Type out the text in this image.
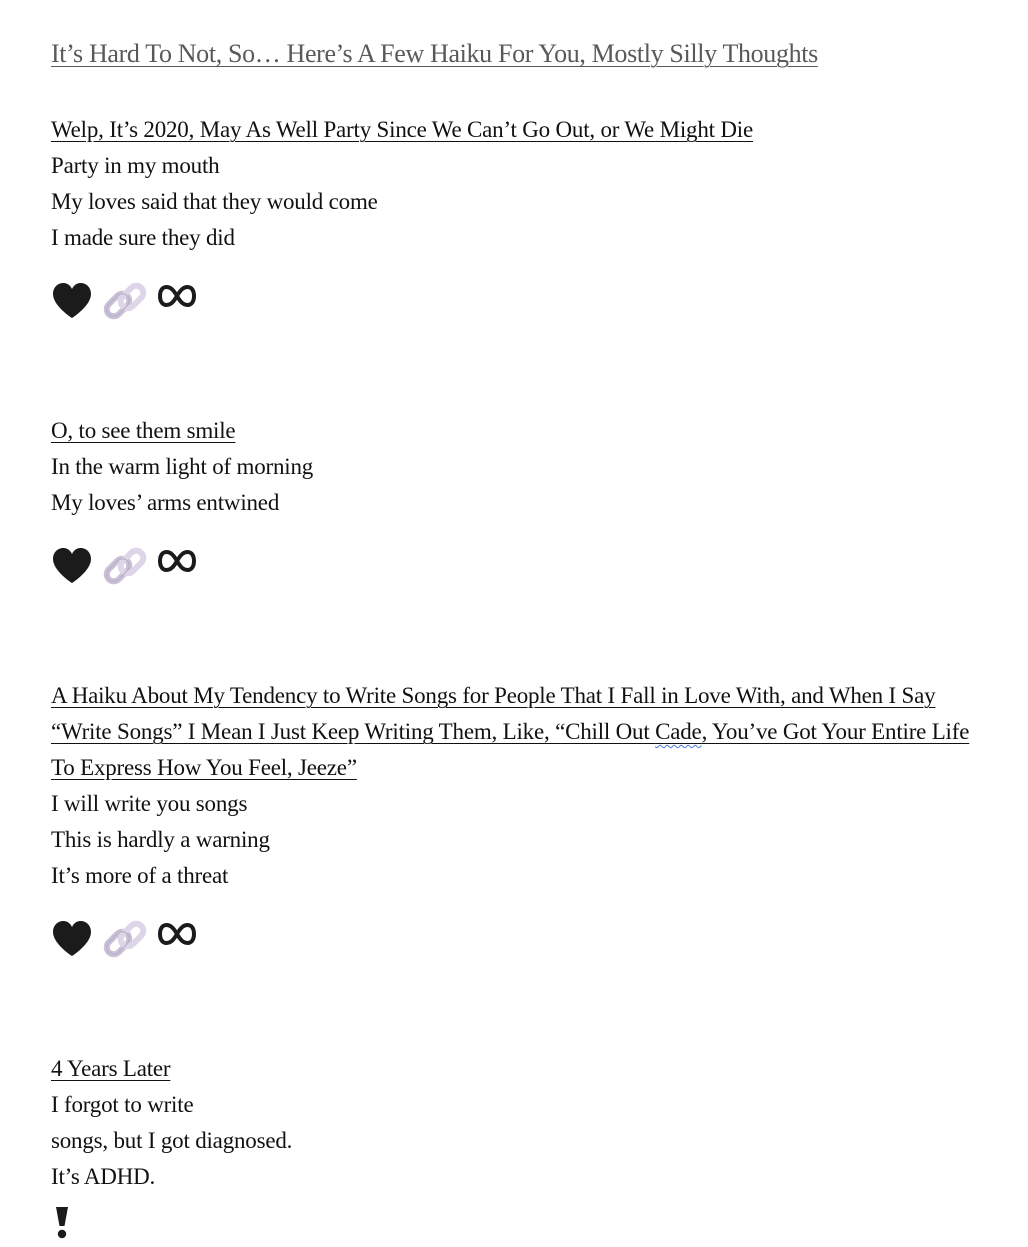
It’s Hard To Not, So… Here’s A Few Haiku For You, Mostly Silly Thoughts
Welp, It’s 2020, May As Well Party Since We Can’t Go Out, or We Might Die
Party in my mouth
My loves said that they would come
I made sure they did
O, to see them smile
In the warm light of morning
My loves’ arms entwined
A Haiku About My Tendency to Write Songs for People That I Fall in Love With, and When I Say “Write Songs” I Mean I Just Keep Writing Them, Like, “Chill Out Cade, You’ve Got Your Entire Life To Express How You Feel, Jeeze”
I will write you songs
This is hardly a warning
It’s more of a threat
4 Years Later
I forgot to write
songs, but I got diagnosed.
It’s ADHD.
